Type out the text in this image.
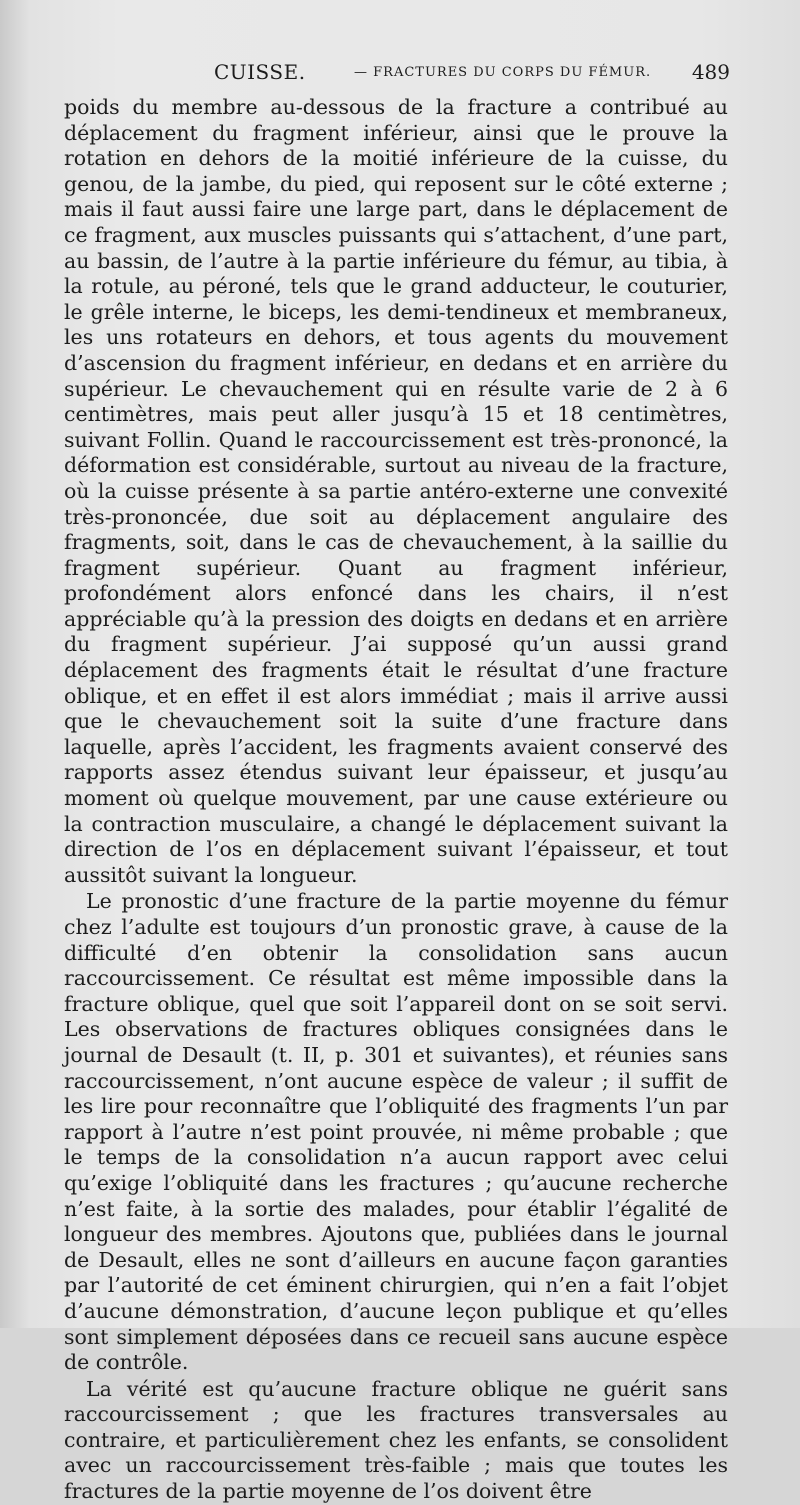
CUISSE.	— FRACTURES DU CORPS DU FÉMUR. 489

poids du membre au-dessous de la fracture a contribué au déplacement du fragment inférieur, ainsi que le prouve la rotation en dehors de la moitié inférieure de la cuisse, du genou, de la jambe, du pied, qui reposent sur le côté externe ; mais il faut aussi faire une large part, dans le déplacement de ce fragment, aux muscles puissants qui s’attachent, d’une part, au bassin, de l’autre à la partie inférieure du fémur, au tibia, à la rotule, au péroné, tels que le grand adducteur, le couturier, le grêle interne, le biceps, les demi-tendineux et membraneux, les uns rotateurs en dehors, et tous agents du mouvement d’ascension du fragment inférieur, en dedans et en arrière du supérieur. Le chevauchement qui en résulte varie de 2 à 6 centimètres, mais peut aller jusqu’à 15 et 18 centimètres, suivant Follin. Quand le raccourcissement est très-prononcé, la déformation est considérable, surtout au niveau de la fracture, où la cuisse présente à sa partie antéro-externe une convexité très-prononcée, due soit au déplacement angulaire des fragments, soit, dans le cas de chevauchement, à la saillie du fragment supérieur. Quant au fragment inférieur, profondément alors enfoncé dans les chairs, il n’est appréciable qu’à la pression des doigts en dedans et en arrière du fragment supérieur. J’ai supposé qu’un aussi grand déplacement des fragments était le résultat d’une fracture oblique, et en effet il est alors immédiat ; mais il arrive aussi que le chevauchement soit la suite d’une fracture dans laquelle, après l’accident, les fragments avaient conservé des rapports assez étendus suivant leur épaisseur, et jusqu’au moment où quelque mouvement, par une cause extérieure ou la contraction musculaire, a changé le déplacement suivant la direction de l’os en déplacement suivant l’épaisseur, et tout aussitôt suivant la longueur.

Le pronostic d’une fracture de la partie moyenne du fémur chez l’adulte est toujours d’un pronostic grave, à cause de la difficulté d’en obtenir la consolidation sans aucun raccourcissement. Ce résultat est même impossible dans la fracture oblique, quel que soit l’appareil dont on se soit servi. Les observations de fractures obliques consignées dans le journal de Desault (t. II, p. 301 et suivantes), et réunies sans raccourcissement, n’ont aucune espèce de valeur ; il suffit de les lire pour reconnaître que l’obliquité des fragments l’un par rapport à l’autre n’est point prouvée, ni même probable ; que le temps de la consolidation n’a aucun rapport avec celui qu’exige l’obliquité dans les fractures ; qu’aucune recherche n’est faite, à la sortie des malades, pour établir l’égalité de longueur des membres. Ajoutons que, publiées dans le journal de Desault, elles ne sont d’ailleurs en aucune façon garanties par l’autorité de cet éminent chirurgien, qui n’en a fait l’objet d’aucune démonstration, d’aucune leçon publique et qu’elles sont simplement déposées dans ce recueil sans aucune espèce de contrôle.

La vérité est qu’aucune fracture oblique ne guérit sans raccourcissement ; que les fractures transversales au contraire, et particulièrement chez les enfants, se consolident avec un raccourcissement très-faible ; mais que toutes les fractures de la partie moyenne de l’os doivent être
